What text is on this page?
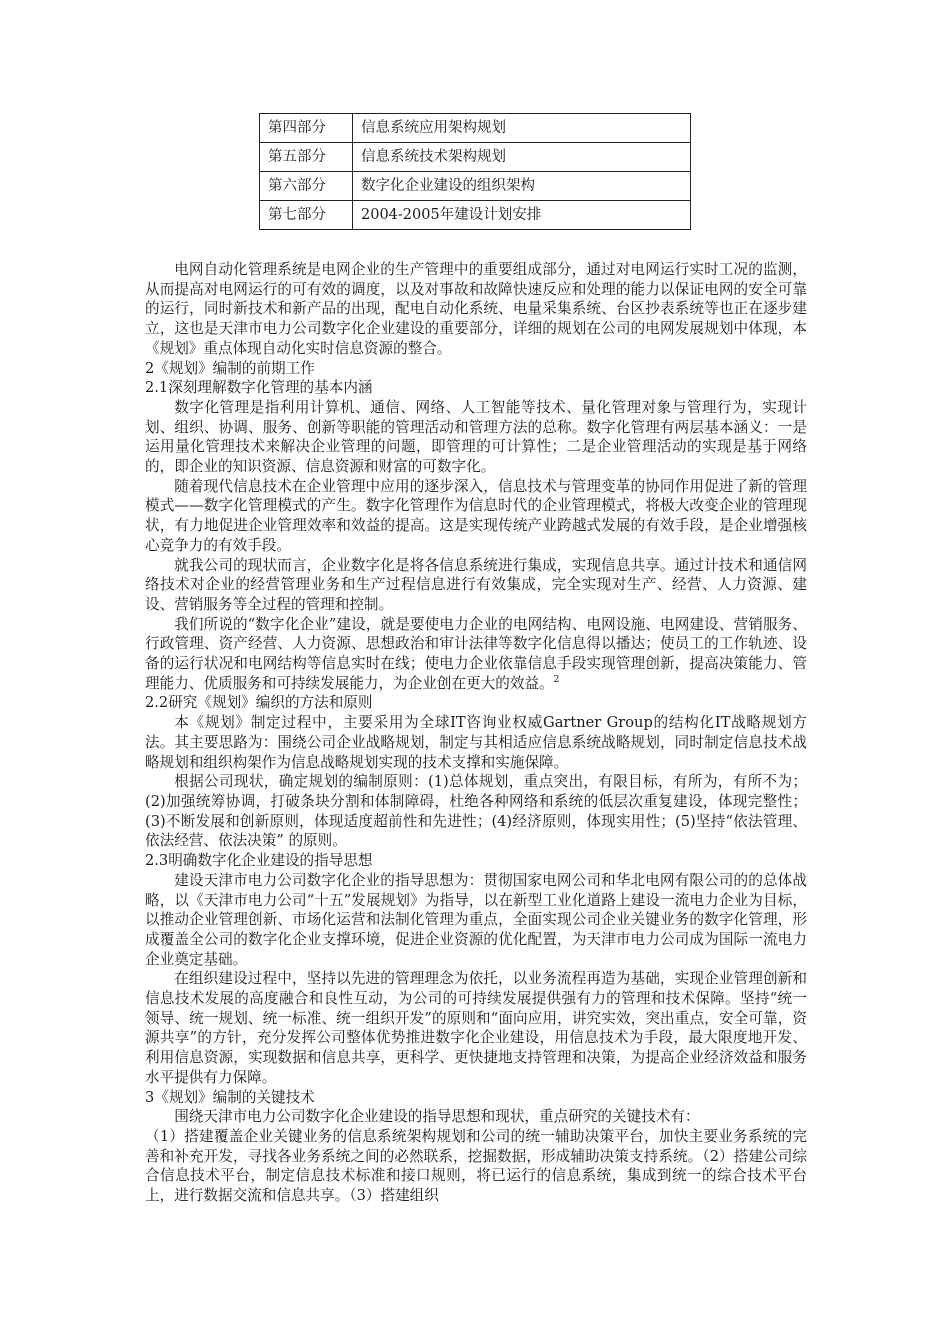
第四部分	信息系统应用架构规划
第五部分	信息系统技术架构规划
第六部分	数字化企业建设的组织架构
第七部分	2004-2005年建设计划安排

电网自动化管理系统是电网企业的生产管理中的重要组成部分，通过对电网运行实时工况的监测，从而提高对电网运行的可有效的调度，以及对事故和故障快速反应和处理的能力以保证电网的安全可靠的运行，同时新技术和新产品的出现，配电自动化系统、电量采集系统、台区抄表系统等也正在逐步建立，这也是天津市电力公司数字化企业建设的重要部分，详细的规划在公司的电网发展规划中体现，本《规划》重点体现自动化实时信息资源的整合。

2《规划》编制的前期工作

2.1深刻理解数字化管理的基本内涵

数字化管理是指利用计算机、通信、网络、人工智能等技术、量化管理对象与管理行为，实现计划、组织、协调、服务、创新等职能的管理活动和管理方法的总称。数字化管理有两层基本涵义：一是运用量化管理技术来解决企业管理的问题，即管理的可计算性；二是企业管理活动的实现是基于网络的，即企业的知识资源、信息资源和财富的可数字化。

随着现代信息技术在企业管理中应用的逐步深入，信息技术与管理变革的协同作用促进了新的管理模式——数字化管理模式的产生。数字化管理作为信息时代的企业管理模式，将极大改变企业的管理现状，有力地促进企业管理效率和效益的提高。这是实现传统产业跨越式发展的有效手段，是企业增强核心竞争力的有效手段。

就我公司的现状而言，企业数字化是将各信息系统进行集成，实现信息共享。通过计技术和通信网络技术对企业的经营管理业务和生产过程信息进行有效集成，完全实现对生产、经营、人力资源、建设、营销服务等全过程的管理和控制。

我们所说的“数字化企业”建设，就是要使电力企业的电网结构、电网设施、电网建设、营销服务、行政管理、资产经营、人力资源、思想政治和审计法律等数字化信息得以播达；使员工的工作轨迹、设备的运行状况和电网结构等信息实时在线；使电力企业依靠信息手段实现管理创新，提高决策能力、管理能力、优质服务和可持续发展能力，为企业创在更大的效益。$^2$

2.2研究《规划》编织的方法和原则

本《规划》制定过程中，主要采用为全球IT咨询业权威Gartner Group的结构化IT战略规划方法。其主要思路为：围绕公司企业战略规划，制定与其相适应信息系统战略规划，同时制定信息技术战略规划和组织构架作为信息战略规划实现的技术支撑和实施保障。

根据公司现状，确定规划的编制原则：(1)总体规划，重点突出，有限目标，有所为，有所不为；(2)加强统筹协调，打破条块分割和体制障碍，杜绝各种网络和系统的低层次重复建设，体现完整性；(3)不断发展和创新原则，体现适度超前性和先进性；(4)经济原则，体现实用性；(5)坚持“依法管理、依法经营、依法决策” 的原则。

2.3明确数字化企业建设的指导思想

建设天津市电力公司数字化企业的指导思想为：贯彻国家电网公司和华北电网有限公司的的总体战略，以《天津市电力公司“十五”发展规划》为指导，以在新型工业化道路上建设一流电力企业为目标，以推动企业管理创新、市场化运营和法制化管理为重点，全面实现公司企业关键业务的数字化管理，形成覆盖全公司的数字化企业支撑环境，促进企业资源的优化配置，为天津市电力公司成为国际一流电力企业奠定基础。

在组织建设过程中，坚持以先进的管理理念为依托，以业务流程再造为基础，实现企业管理创新和信息技术发展的高度融合和良性互动，为公司的可持续发展提供强有力的管理和技术保障。坚持“统一领导、统一规划、统一标准、统一组织开发”的原则和“面向应用，讲究实效，突出重点，安全可靠，资源共享”的方针，充分发挥公司整体优势推进数字化企业建设，用信息技术为手段，最大限度地开发、利用信息资源，实现数据和信息共享，更科学、更快捷地支持管理和决策，为提高企业经济效益和服务水平提供有力保障。

3《规划》编制的关键技术

围绕天津市电力公司数字化企业建设的指导思想和现状，重点研究的关键技术有：

（1）搭建覆盖企业关键业务的信息系统架构规划和公司的统一辅助决策平台，加快主要业务系统的完善和补充开发，寻找各业务系统之间的必然联系，挖掘数据，形成辅助决策支持系统。（2）搭建公司综合信息技术平台，制定信息技术标准和接口规则，将已运行的信息系统，集成到统一的综合技术平台上，进行数据交流和信息共享。（3）搭建组织
